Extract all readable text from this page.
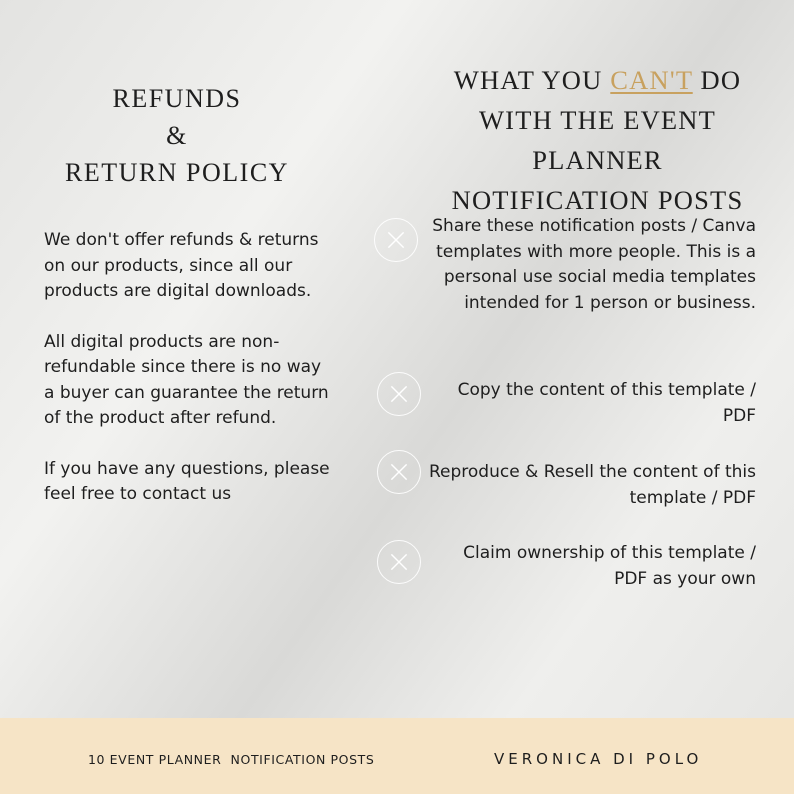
REFUNDS
&
RETURN POLICY

We don't offer refunds & returns on our products, since all our products are digital downloads.

All digital products are non-refundable since there is no way a buyer can guarantee the return of the product after refund.

If you have any questions, please feel free to contact us

WHAT YOU CAN'T DO
WITH THE EVENT
PLANNER
NOTIFICATION POSTS
Share these notification posts / Canva templates with more people. This is a personal use social media templates intended for 1 person or business.
Copy the content of this template / PDF
Reproduce & Resell the content of this template / PDF
Claim ownership of this template / PDF as your own
10 EVENT PLANNER  NOTIFICATION POSTS	VERONICA DI POLO
